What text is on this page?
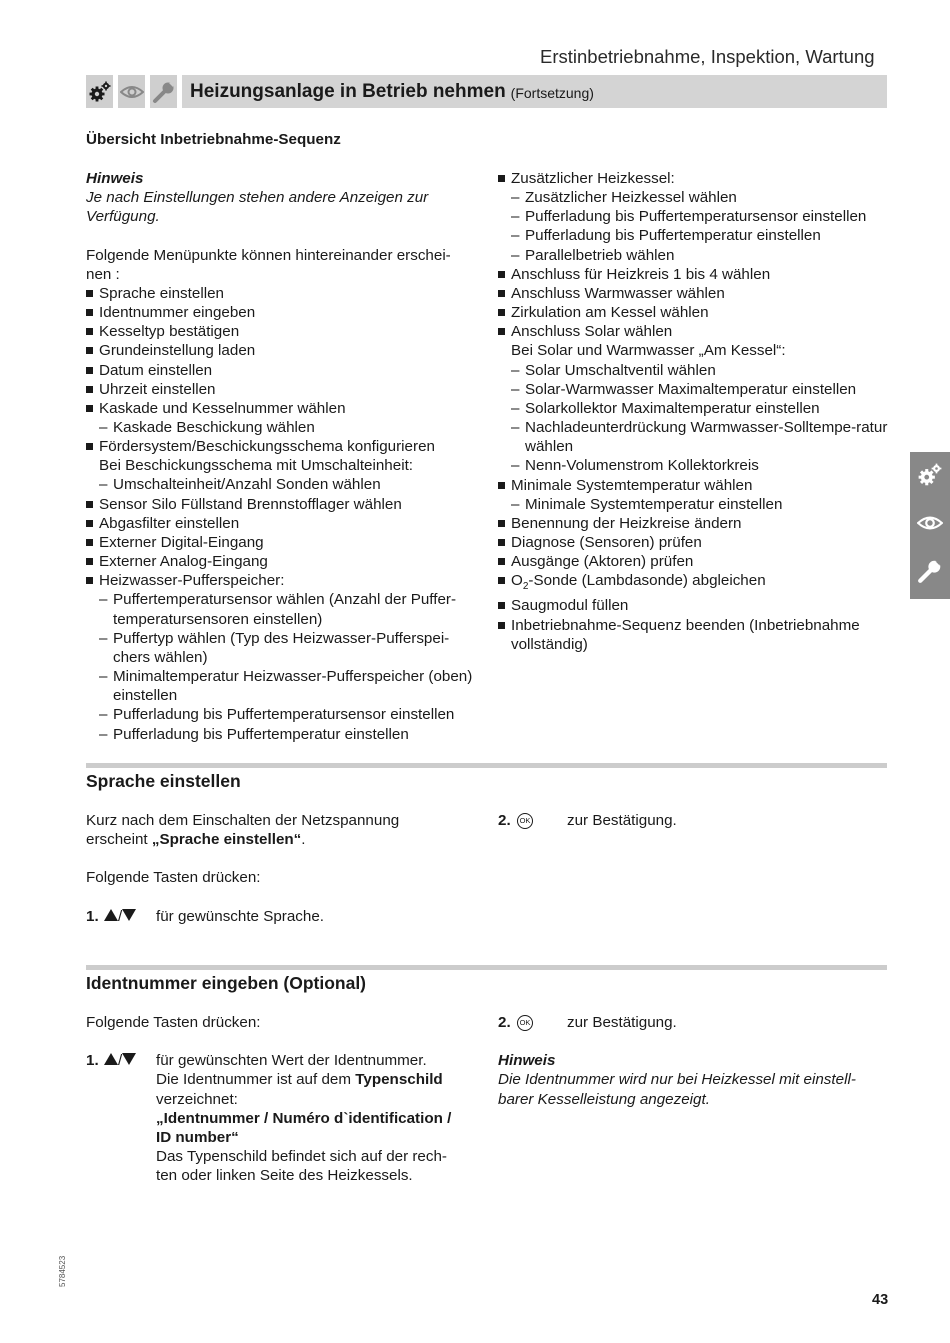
Erstinbetriebnahme, Inspektion, Wartung
Heizungsanlage in Betrieb nehmen (Fortsetzung)
Übersicht Inbetriebnahme-Sequenz

Hinweis

Je nach Einstellungen stehen andere Anzeigen zur Verfügung.

Folgende Menüpunkte können hintereinander erschei-nen :

Sprache einstellen

Identnummer eingeben

Kesseltyp bestätigen

Grundeinstellung laden

Datum einstellen

Uhrzeit einstellen

Kaskade und Kesselnummer wählen

– Kaskade Beschickung wählen

Fördersystem/Beschickungsschema konfigurieren

Bei Beschickungsschema mit Umschalteinheit:

– Umschalteinheit/Anzahl Sonden wählen

Sensor Silo Füllstand Brennstofflager wählen

Abgasfilter einstellen

Externer Digital-Eingang

Externer Analog-Eingang

Heizwasser-Pufferspeicher:

– Puffertemperatursensor wählen (Anzahl der Puffer-temperatursensoren einstellen)

– Puffertyp wählen (Typ des Heizwasser-Pufferspei-chers wählen)

– Minimaltemperatur Heizwasser-Pufferspeicher (oben) einstellen

– Pufferladung bis Puffertemperatursensor einstellen

– Pufferladung bis Puffertemperatur einstellen

Zusätzlicher Heizkessel:

– Zusätzlicher Heizkessel wählen

– Pufferladung bis Puffertemperatursensor einstellen

– Pufferladung bis Puffertemperatur einstellen

– Parallelbetrieb wählen

Anschluss für Heizkreis 1 bis 4 wählen

Anschluss Warmwasser wählen

Zirkulation am Kessel wählen

Anschluss Solar wählen

Bei Solar und Warmwasser „Am Kessel“:

– Solar Umschaltventil wählen

– Solar-Warmwasser Maximaltemperatur einstellen

– Solarkollektor Maximaltemperatur einstellen

– Nachladeunterdrückung Warmwasser-Solltempe-ratur wählen

– Nenn-Volumenstrom Kollektorkreis

Minimale Systemtemperatur wählen

– Minimale Systemtemperatur einstellen

Benennung der Heizkreise ändern

Diagnose (Sensoren) prüfen

Ausgänge (Aktoren) prüfen

$O_2$-Sonde (Lambdasonde) abgleichen

Saugmodul füllen

Inbetriebnahme-Sequenz beenden (Inbetriebnahme vollständig)

Sprache einstellen

Kurz nach dem Einschalten der Netzspannung erscheint „Sprache einstellen“.

Folgende Tasten drücken:

1.	/	für gewünschte Sprache.
2.	OK zur Bestätigung.
Identnummer eingeben (Optional)

Folgende Tasten drücken:

1.	/	für gewünschten Wert der Identnummer.

Die Identnummer ist auf dem Typenschild verzeichnet:

„Identnummer / Numéro d`identification / ID number“

Das Typenschild befindet sich auf der rech-ten oder linken Seite des Heizkessels.

2.	OK zur Bestätigung.

Hinweis

Die Identnummer wird nur bei Heizkessel mit einstell-barer Kesselleistung angezeigt.

5784523
43
